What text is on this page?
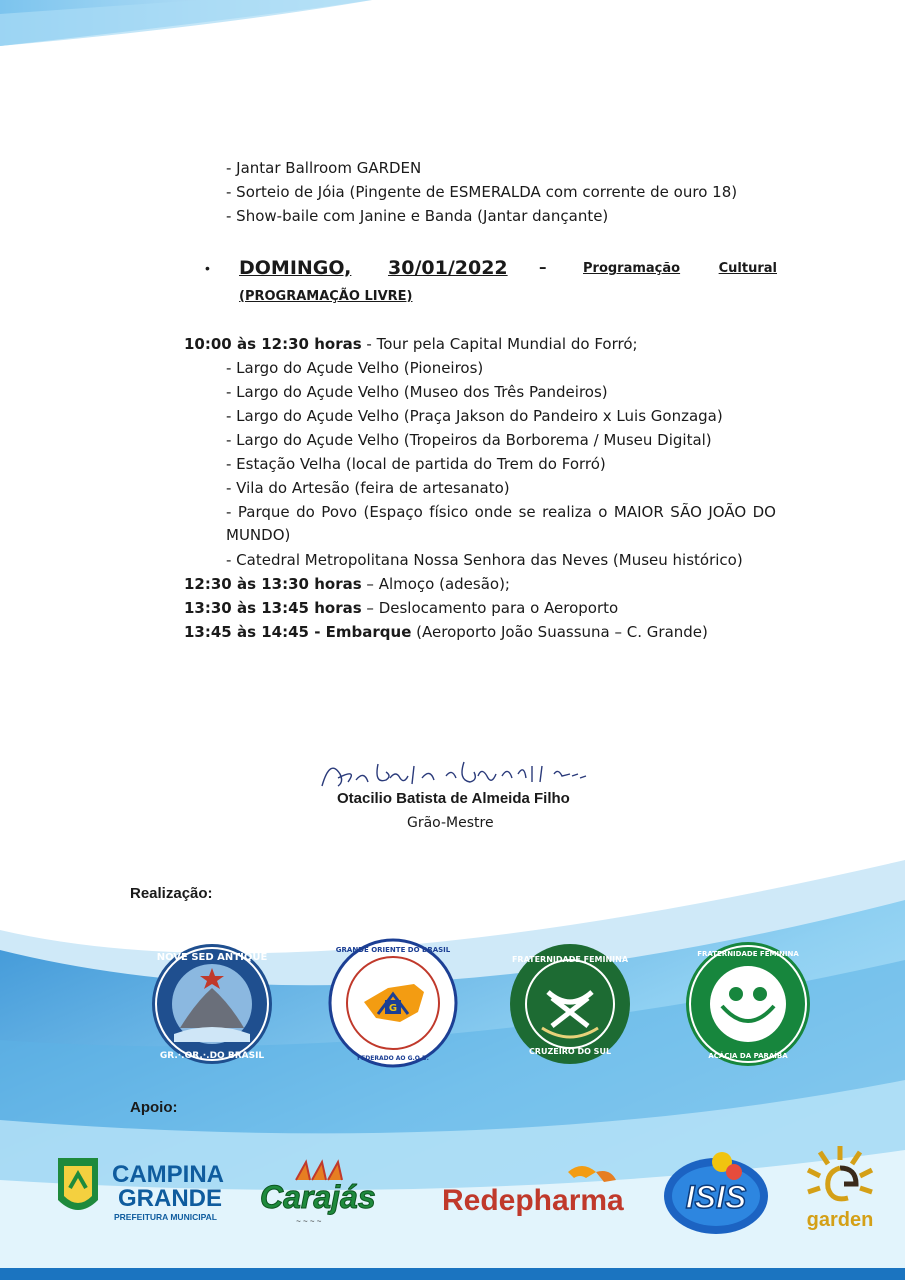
- Jantar Ballroom GARDEN
- Sorteio de Jóia (Pingente de ESMERALDA com corrente de ouro 18)
- Show-baile com Janine e Banda (Jantar dançante)
• DOMINGO, 30/01/2022 –	Programação	Cultural
(PROGRAMAÇÃO LIVRE)
10:00 às 12:30 horas - Tour pela Capital Mundial do Forró;
- Largo do Açude Velho (Pioneiros)
- Largo do Açude Velho (Museo dos Três Pandeiros)
- Largo do Açude Velho (Praça Jakson do Pandeiro x Luis Gonzaga)
- Largo do Açude Velho (Tropeiros da Borborema / Museu Digital)
- Estação Velha (local de partida do Trem do Forró)
- Vila do Artesão (feira de artesanato)
- Parque do Povo (Espaço físico onde se realiza o MAIOR SÃO JOÃO DO MUNDO)
- Catedral Metropolitana Nossa Senhora das Neves (Museu histórico)
12:30 às 13:30 horas – Almoço (adesão);
13:30 às 13:45 horas – Deslocamento para o Aeroporto
13:45 às 14:45 - Embarque (Aeroporto João Suassuna – C. Grande)
Otacilio Batista de Almeida Filho
Grão-Mestre
Realização:
NOVE SED ANTIQUE
GR.·.OR.·.DO BRASIL
G
GRANDE ORIENTE DO BRASIL
FEDERADO AO G.O.B.
FRATERNIDADE FEMININA
CRUZEIRO DO SUL
FRATERNIDADE FEMININA
ACÁCIA DA PARAÍBA
Apoio:
CAMPINA
GRANDE
PREFEITURA MUNICIPAL
Carajás
~ ~ ~ ~
Redepharma ISIS
garden
